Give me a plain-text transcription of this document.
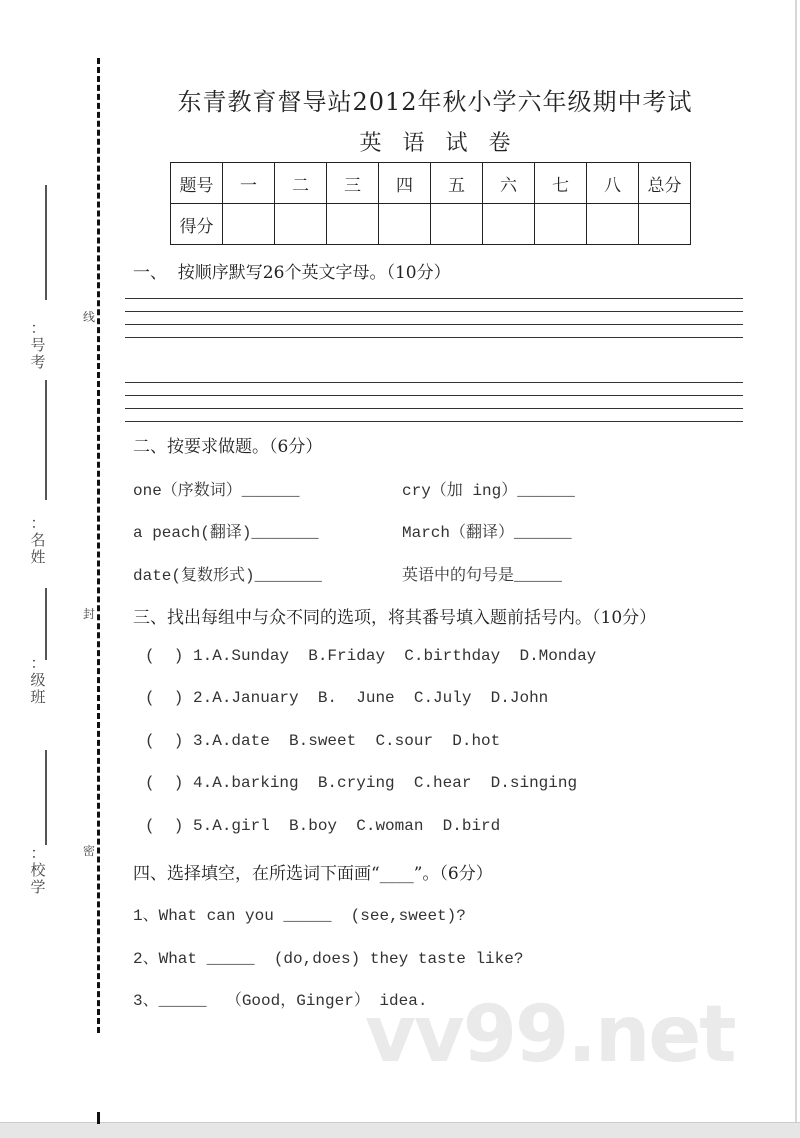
：号考
：名姓
：级班
：校学
线
封
密
东青教育督导站2012年秋小学六年级期中考试
英 语 试 卷
题号	一	二	三	四	五	六	七	八	总分
得分									
一、  按顺序默写26个英文字母。（10分）
二、按要求做题。（6分）
one（序数词）______	cry（加 ing）______
a peach(翻译)_______	March（翻译）______
date(复数形式)_______	英语中的句号是_____
三、找出每组中与众不同的选项，将其番号填入题前括号内。（10分）
(  ) 1.A.Sunday  B.Friday  C.birthday  D.Monday
(  ) 2.A.January  B.  June  C.July  D.John
(  ) 3.A.date  B.sweet  C.sour  D.hot
(  ) 4.A.barking  B.crying  C.hear  D.singing
(  ) 5.A.girl  B.boy  C.woman  D.bird
四、选择填空，在所选词下面画“____”。（6分）
1、What can you _____  (see,sweet)?
2、What _____  (do,does) they taste like?
3、_____  （Good，Ginger） idea.
vv99.net
